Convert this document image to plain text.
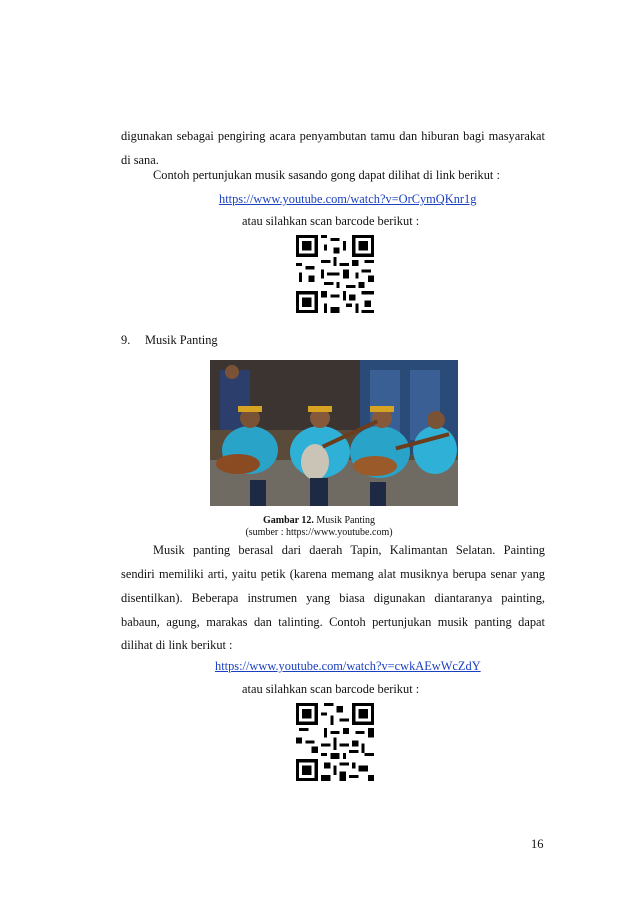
digunakan sebagai pengiring acara penyambutan tamu dan hiburan bagi masyarakat
di sana.
Contoh pertunjukan musik sasando gong dapat dilihat di link berikut :
https://www.youtube.com/watch?v=OrCymQKnr1g
atau silahkan scan barcode berikut :
9. Musik Panting
Gambar 12. Musik Panting
(sumber : https://www.youtube.com)
Musik panting berasal dari daerah Tapin, Kalimantan Selatan. Painting
sendiri memiliki arti, yaitu petik (karena memang alat musiknya berupa senar yang
disentilkan). Beberapa instrumen yang biasa digunakan diantaranya painting,
babaun, agung, marakas dan talinting. Contoh pertunjukan musik panting dapat
dilihat di link berikut :
https://www.youtube.com/watch?v=cwkAEwWcZdY
atau silahkan scan barcode berikut :
16
